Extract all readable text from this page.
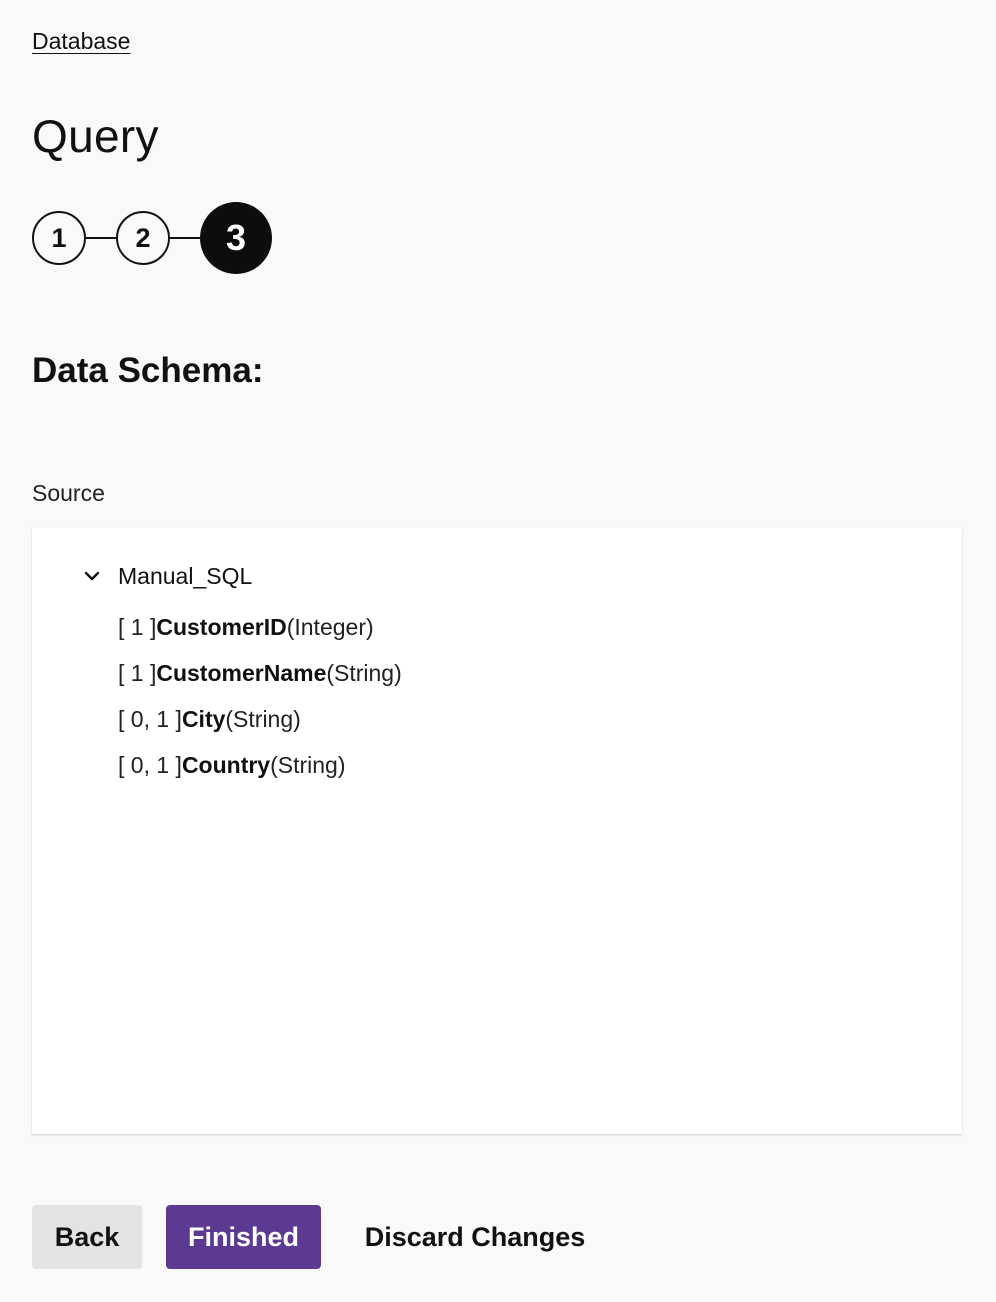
Database
Query
1	2	3
Data Schema:
Source
Manual_SQL
[ 1 ] CustomerID (Integer)
[ 1 ] CustomerName (String)
[ 0, 1 ] City (String)
[ 0, 1 ] Country (String)
Back	Finished	Discard Changes
